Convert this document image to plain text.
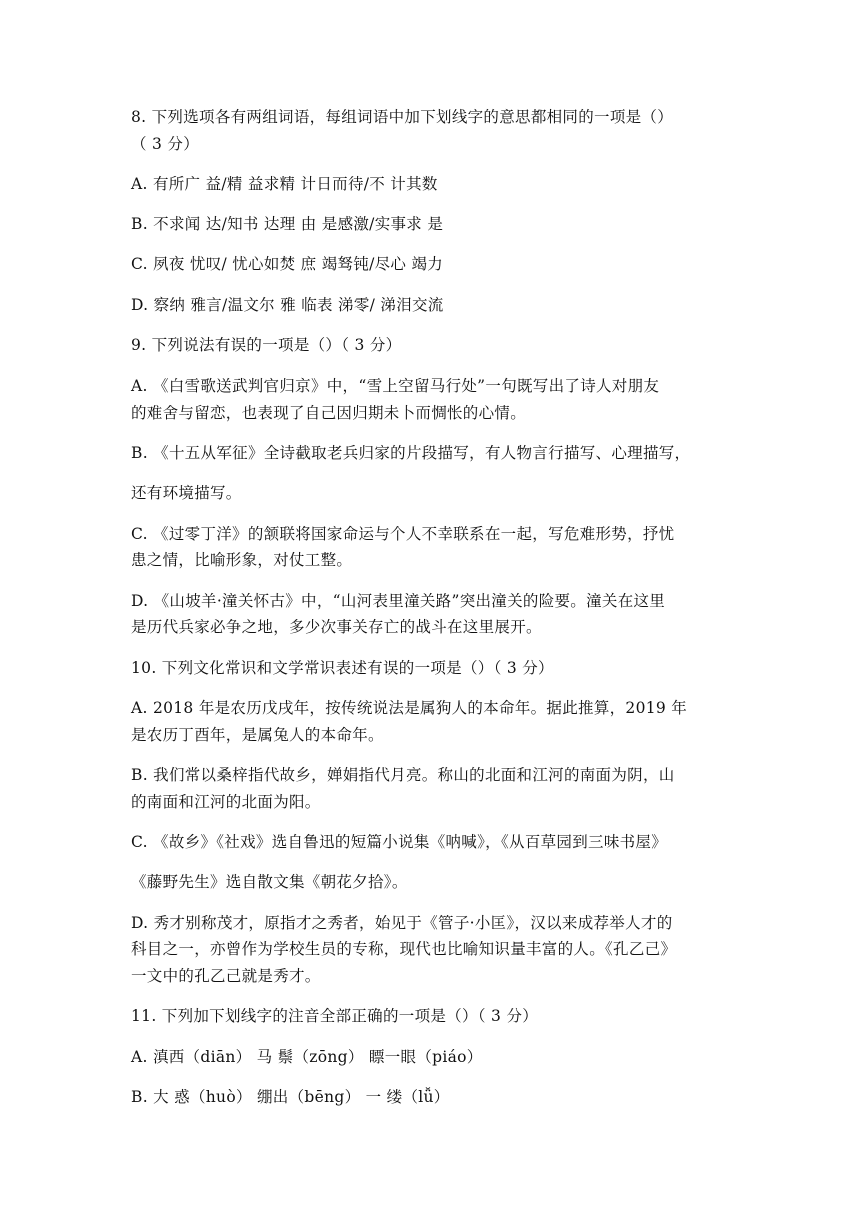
8. 下列选项各有两组词语，每组词语中加下划线字的意思都相同的一项是（）
（ 3 分）
A. 有所广 益/精 益求精 计日而待/不 计其数
B. 不求闻 达/知书 达理 由 是感激/实事求 是
C. 夙夜 忧叹/ 忧心如焚 庶 竭驽钝/尽心 竭力
D. 察纳 雅言/温文尔 雅 临表 涕零/ 涕泪交流
9. 下列说法有误的一项是（）（ 3 分）
A. 《白雪歌送武判官归京》中，“雪上空留马行处”一句既写出了诗人对朋友
的难舍与留恋，也表现了自己因归期未卜而惆怅的心情。
B. 《十五从军征》全诗截取老兵归家的片段描写，有人物言行描写、心理描写，
还有环境描写。
C. 《过零丁洋》的颔联将国家命运与个人不幸联系在一起，写危难形势，抒忧
患之情，比喻形象，对仗工整。
D. 《山坡羊·潼关怀古》中，“山河表里潼关路”突出潼关的险要。潼关在这里
是历代兵家必争之地，多少次事关存亡的战斗在这里展开。
10. 下列文化常识和文学常识表述有误的一项是（）（ 3 分）
A. 2018 年是农历戊戌年，按传统说法是属狗人的本命年。据此推算，2019 年
是农历丁酉年，是属兔人的本命年。
B. 我们常以桑梓指代故乡，婵娟指代月亮。称山的北面和江河的南面为阴，山
的南面和江河的北面为阳。
C. 《故乡》《社戏》选自鲁迅的短篇小说集《呐喊》，《从百草园到三味书屋》
《藤野先生》选自散文集《朝花夕拾》。
D. 秀才别称茂才，原指才之秀者，始见于《管子·小匡》，汉以来成荐举人才的
科目之一，亦曾作为学校生员的专称，现代也比喻知识量丰富的人。《孔乙己》
一文中的孔乙己就是秀才。
11. 下列加下划线字的注音全部正确的一项是（）（ 3 分）
A. 滇西（diān） 马 鬃（zōng） 瞟一眼（piáo）
B. 大 惑（huò） 绷出（bēng） 一 缕（lǚ）
